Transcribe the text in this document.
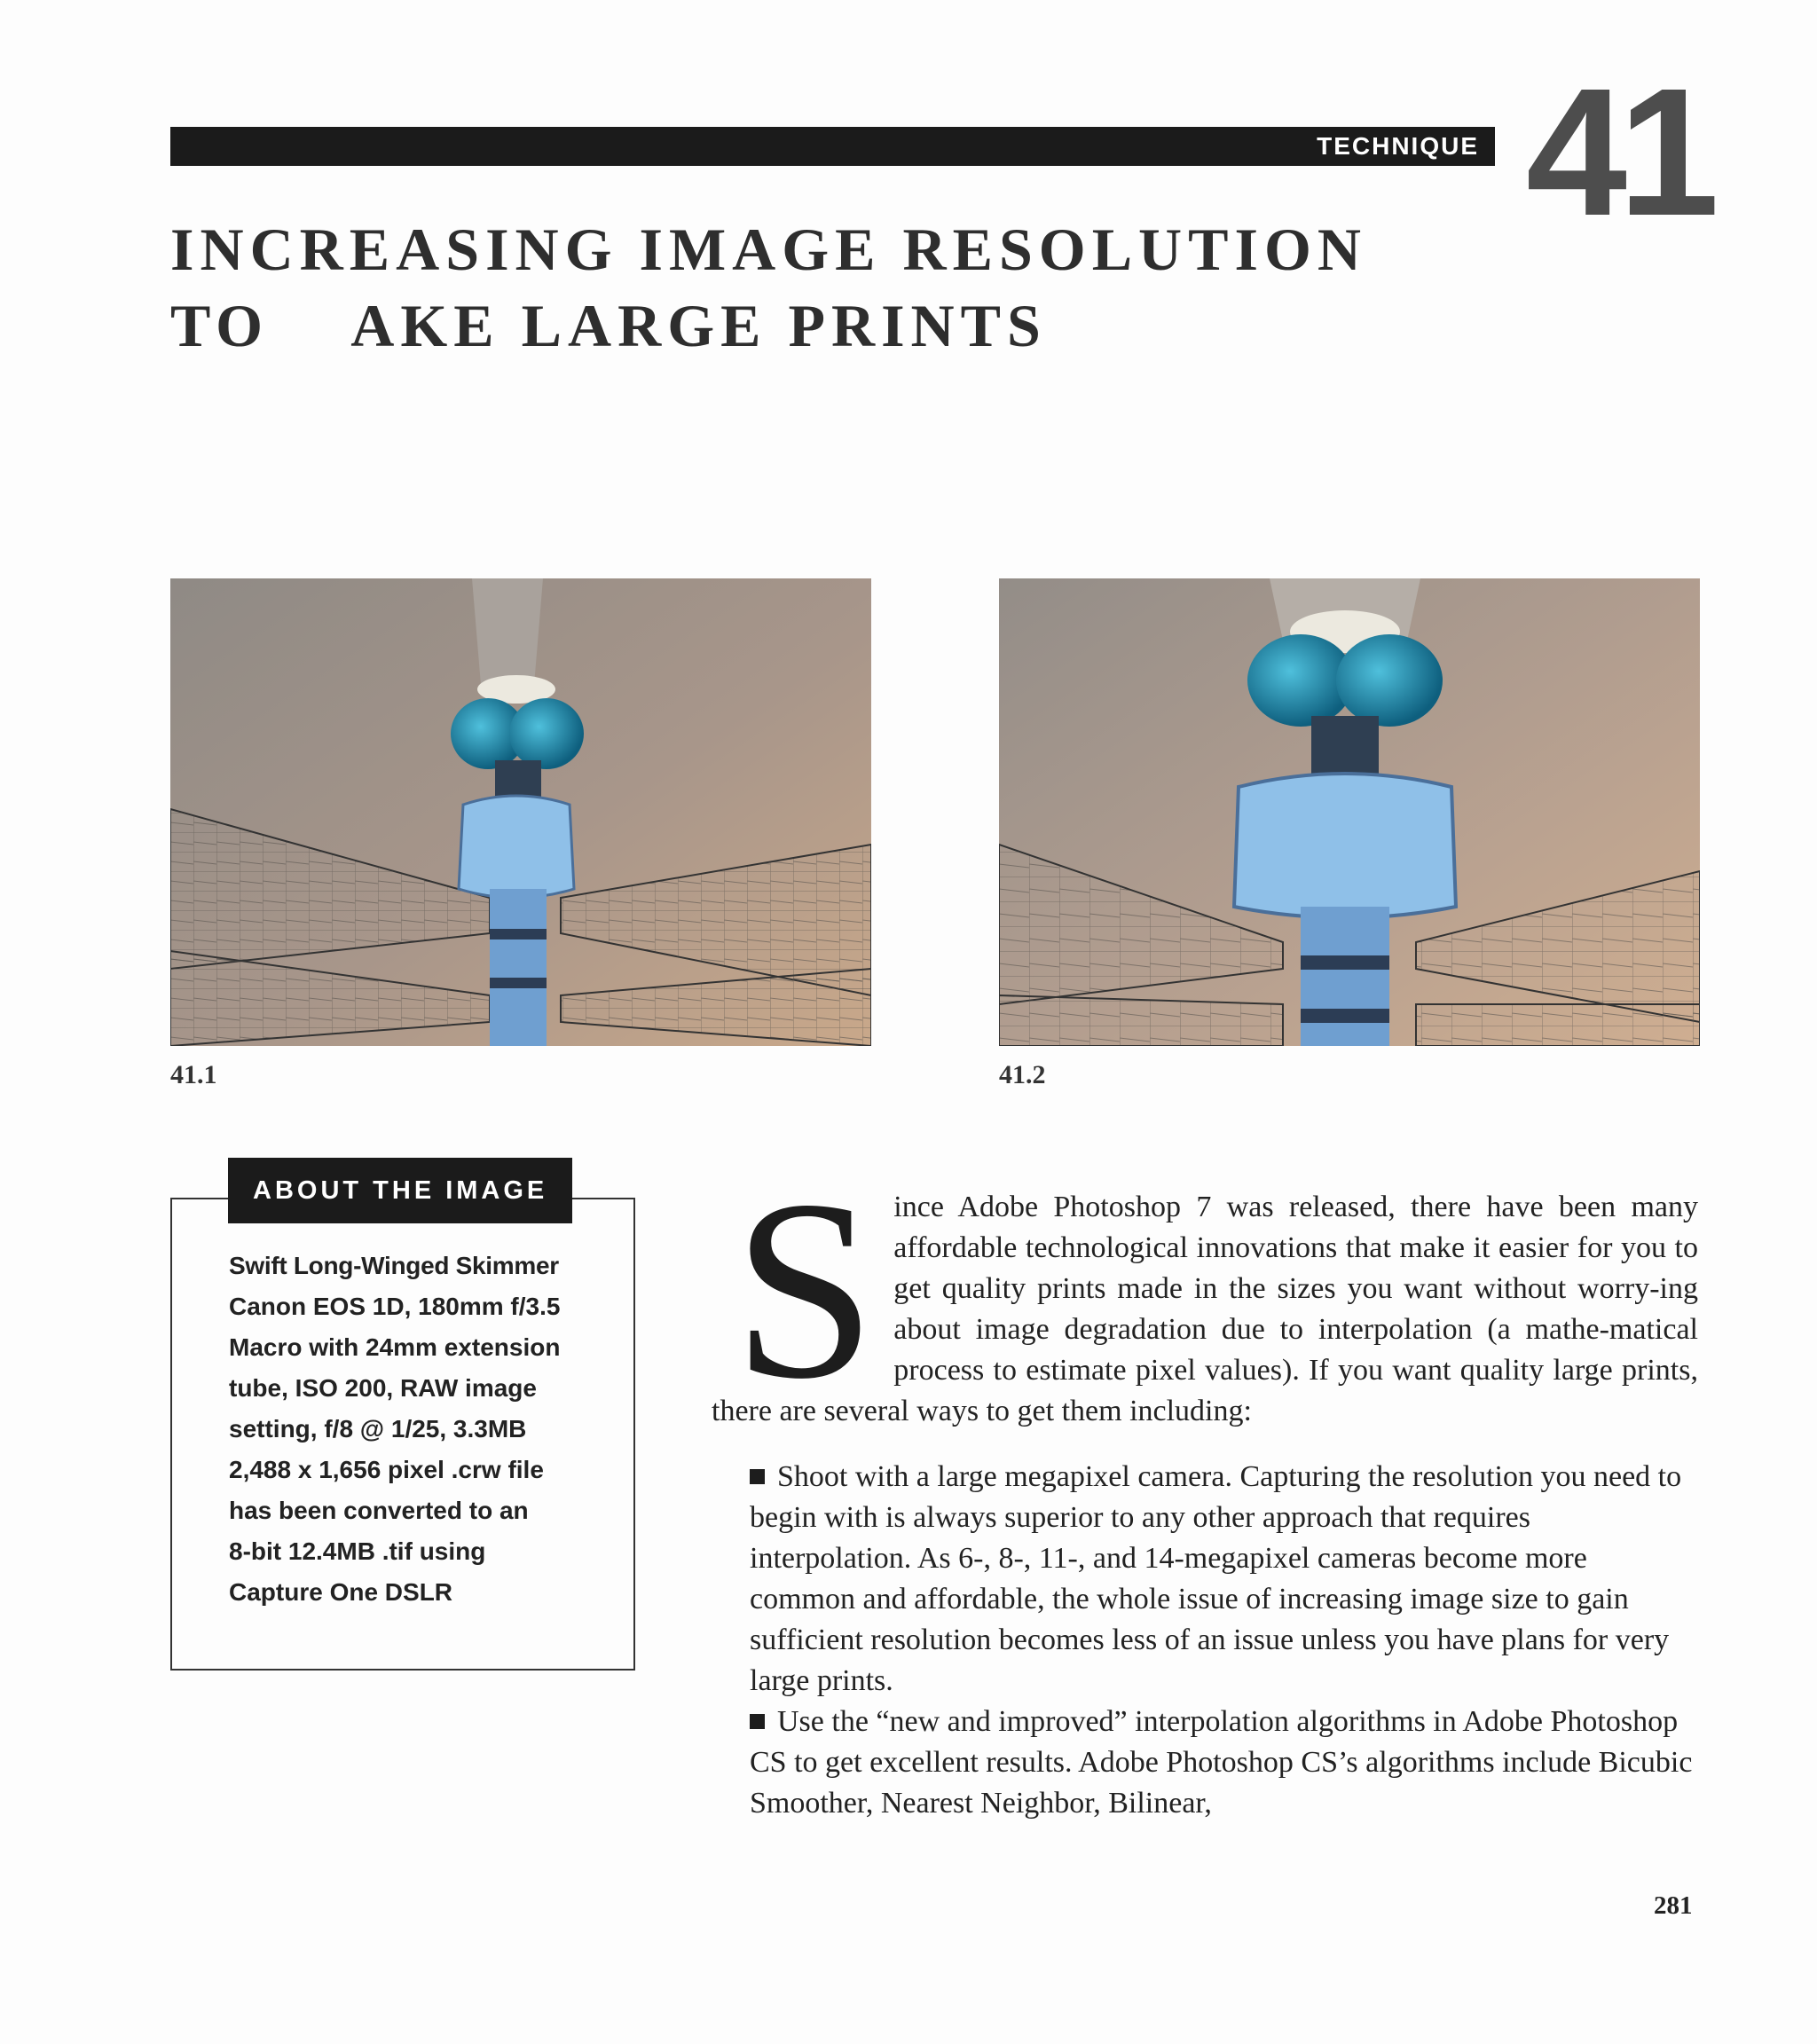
TECHNIQUE 41
INCREASING IMAGE RESOLUTION
TO    AKE LARGE PRINTS
41.1	41.2
ABOUT THE IMAGE
Swift Long-Winged Skimmer
Canon EOS 1D, 180mm f/3.5
Macro with 24mm extension
tube, ISO 200, RAW image
setting, f/8 @ 1/25, 3.3MB
2,488 x 1,656 pixel .crw file
has been converted to an
8-bit 12.4MB .tif using
Capture One DSLR
S ince Adobe Photoshop 7 was released, there have been many affordable technological innovations that make it easier for you to get quality prints made in the sizes you want without worry-ing about image degradation due to interpolation (a mathe-matical process to estimate pixel values). If you want quality large prints, there are several ways to get them including:

Shoot with a large megapixel camera. Capturing the resolution you need to begin with is always superior to any other approach that requires interpolation. As 6-, 8-, 11-, and 14-megapixel cameras become more common and affordable, the whole issue of increasing image size to gain sufficient resolution becomes less of an issue unless you have plans for very large prints.
Use the “new and improved” interpolation algorithms in Adobe Photoshop CS to get excellent results. Adobe Photoshop CS’s algorithms include Bicubic Smoother, Nearest Neighbor, Bilinear,
281
